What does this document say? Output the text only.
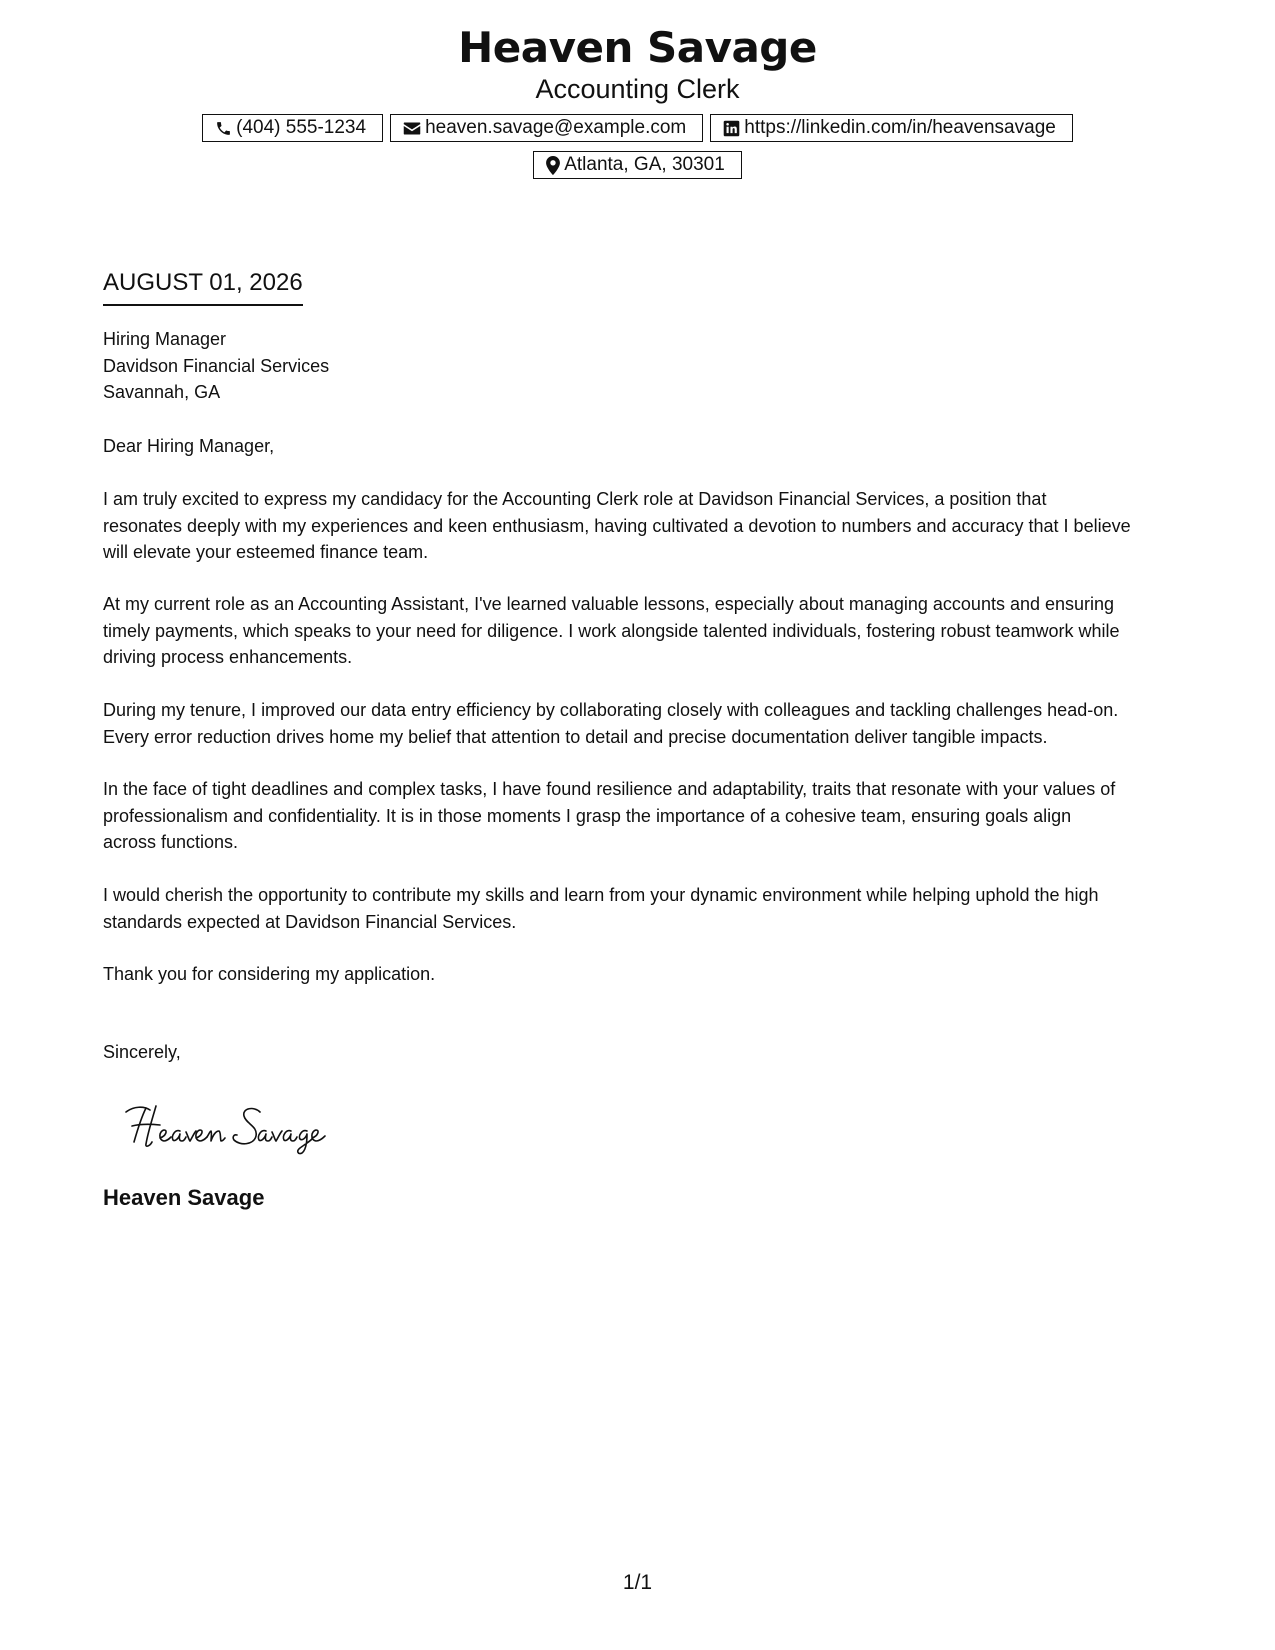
Heaven Savage
Accounting Clerk
(404) 555-1234	heaven.savage@example.com	https://linkedin.com/in/heavensavage
Atlanta, GA, 30301
AUGUST 01, 2026
Hiring Manager
Davidson Financial Services
Savannah, GA
Dear Hiring Manager,
I am truly excited to express my candidacy for the Accounting Clerk role at Davidson Financial Services, a position that
resonates deeply with my experiences and keen enthusiasm, having cultivated a devotion to numbers and accuracy that I believe
will elevate your esteemed finance team.
At my current role as an Accounting Assistant, I've learned valuable lessons, especially about managing accounts and ensuring
timely payments, which speaks to your need for diligence. I work alongside talented individuals, fostering robust teamwork while
driving process enhancements.
During my tenure, I improved our data entry efficiency by collaborating closely with colleagues and tackling challenges head-on.
Every error reduction drives home my belief that attention to detail and precise documentation deliver tangible impacts.
In the face of tight deadlines and complex tasks, I have found resilience and adaptability, traits that resonate with your values of
professionalism and confidentiality. It is in those moments I grasp the importance of a cohesive team, ensuring goals align
across functions.
I would cherish the opportunity to contribute my skills and learn from your dynamic environment while helping uphold the high
standards expected at Davidson Financial Services.
Thank you for considering my application.
Sincerely,
Heaven Savage
1/1
